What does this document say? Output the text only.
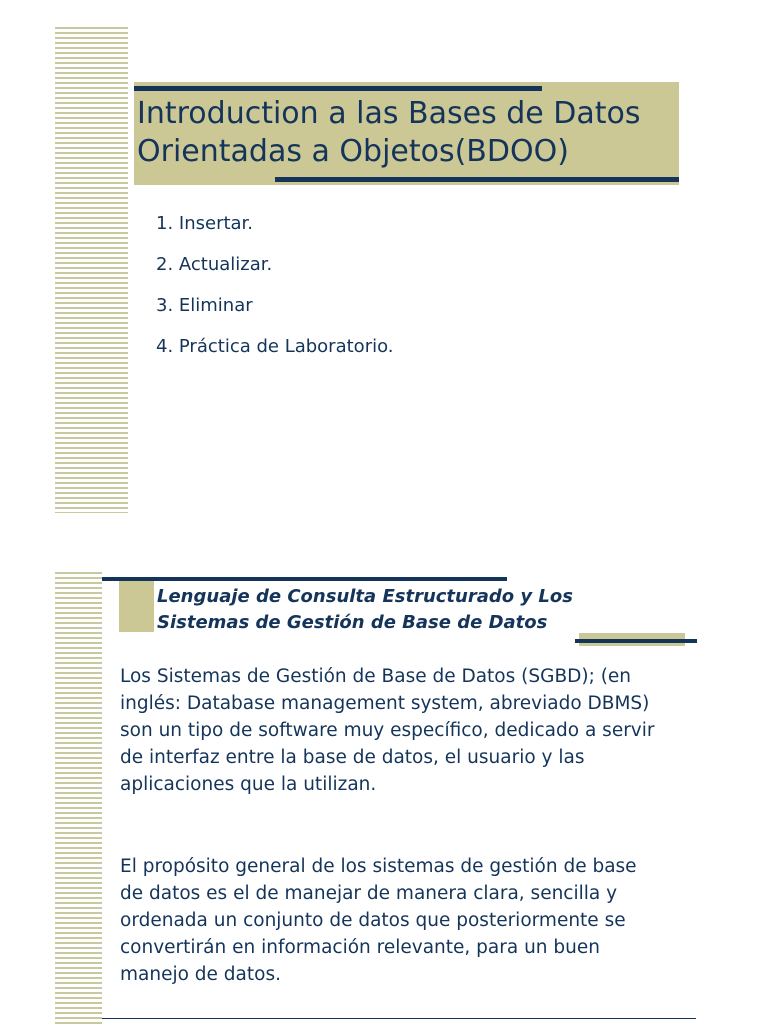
Introduction a las Bases de Datos
Orientadas a Objetos(BDOO)
1. Insertar.
2. Actualizar.
3. Eliminar
4. Práctica de Laboratorio.
Lenguaje de Consulta Estructurado y Los
Sistemas de Gestión de Base de Datos

Los Sistemas de Gestión de Base de Datos (SGBD); (en inglés: Database management system, abreviado DBMS) son un tipo de software muy específico, dedicado a servir de interfaz entre la base de datos, el usuario y las aplicaciones que la utilizan.

El propósito general de los sistemas de gestión de base de datos es el de manejar de manera clara, sencilla y ordenada un conjunto de datos que posteriormente se convertirán en información relevante, para un buen manejo de datos.
